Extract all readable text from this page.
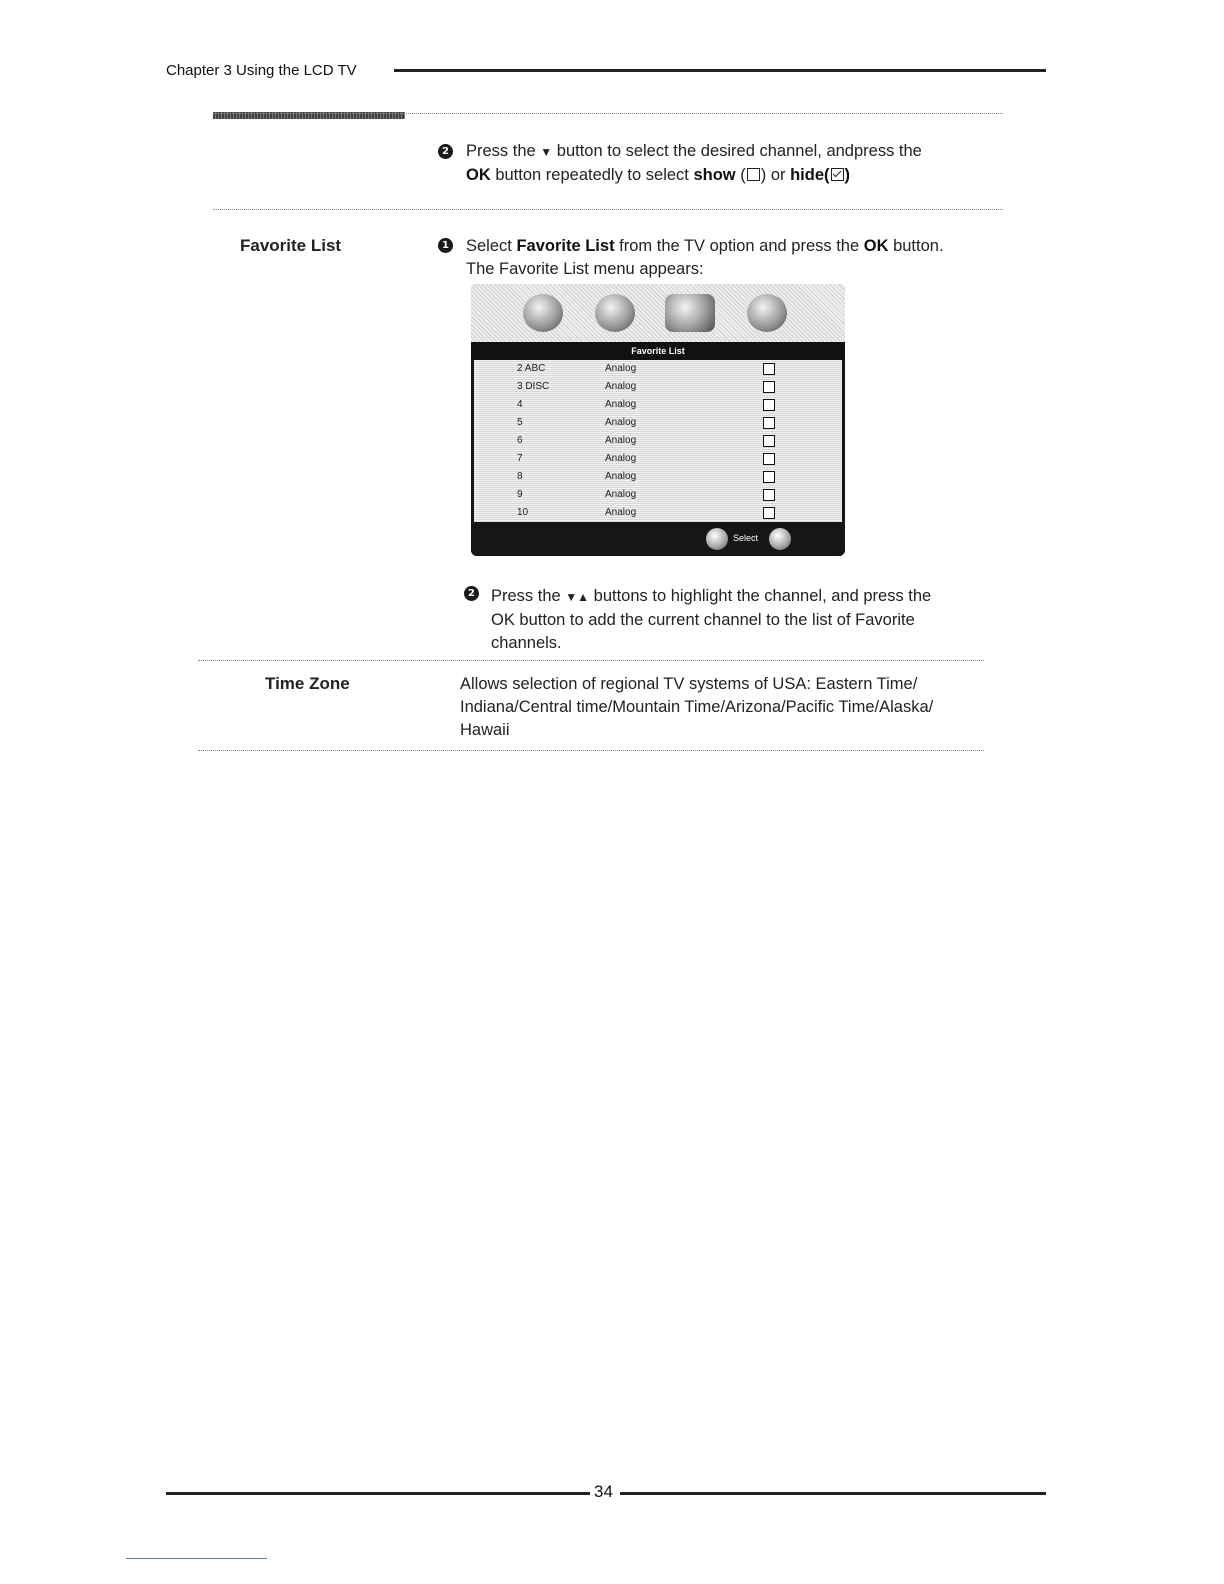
Chapter 3 Using the LCD TV
2 Press the ▼ button to select the desired channel, andpress the
OK button repeatedly to select show ( ) or hide( )
Favorite List	1 Select Favorite List from the TV option and press the OK button.
The Favorite List menu appears:
Favorite List
2 ABC	Analog
3 DISC	Analog
4	Analog
5	Analog
6	Analog
7	Analog
8	Analog
9	Analog
10	Analog
Select
2 Press the ▼▲ buttons to highlight the channel, and press the
OK button to add the current channel to the list of Favorite
channels.
Time Zone	Allows selection of regional TV systems of USA: Eastern Time/
Indiana/Central time/Mountain Time/Arizona/Pacific Time/Alaska/
Hawaii
34
